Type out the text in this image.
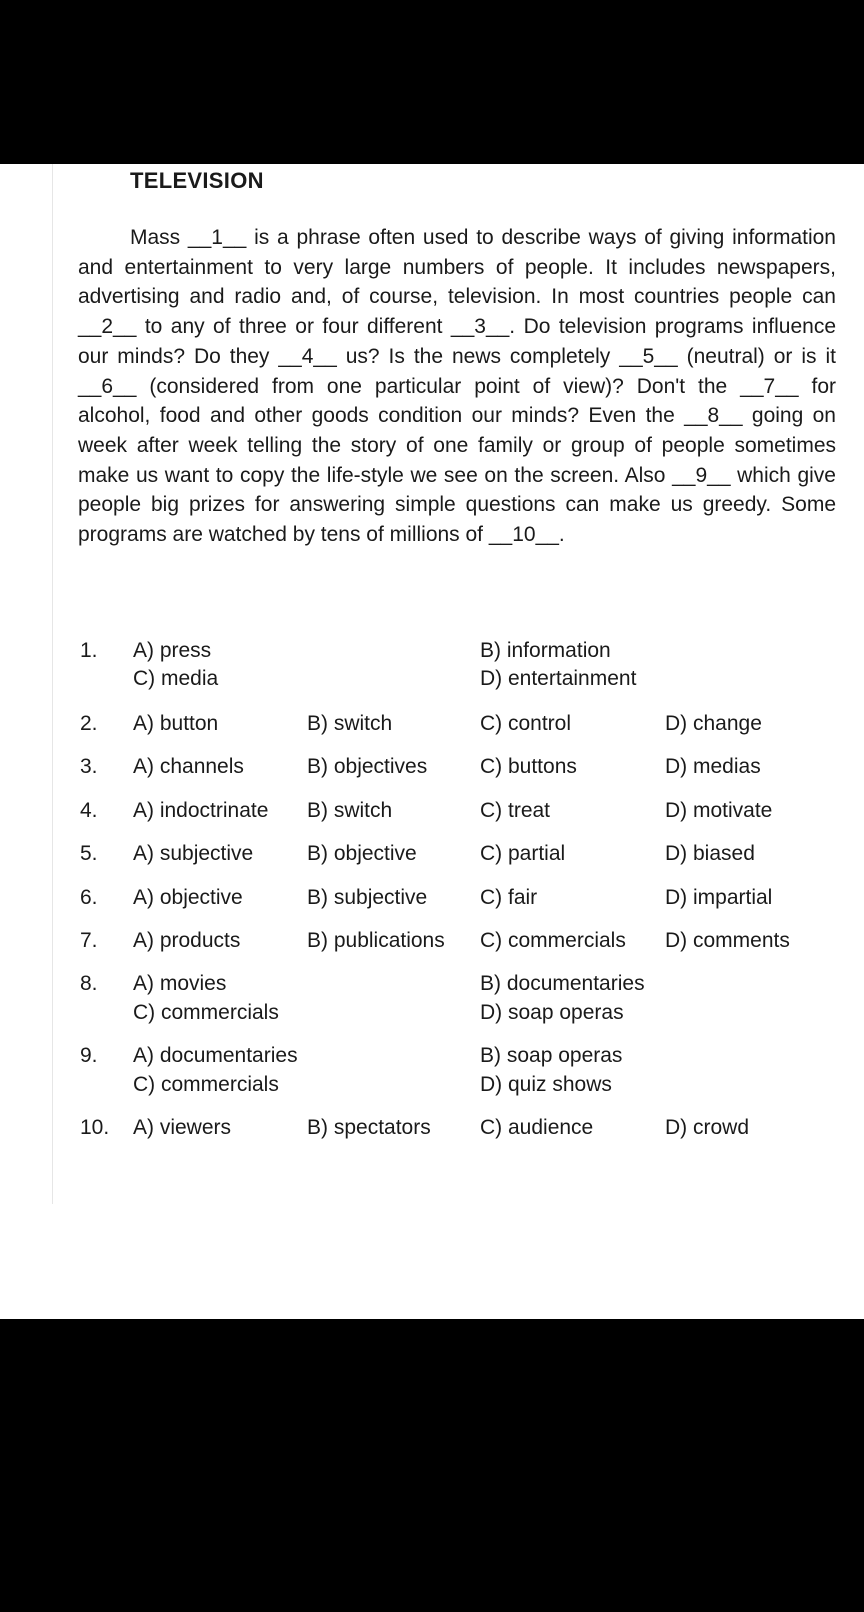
TELEVISION

Mass __1__ is a phrase often used to describe ways of giving information and entertainment to very large numbers of people. It includes newspapers, advertising and radio and, of course, television. In most countries people can __2__ to any of three or four different __3__. Do television programs influence our minds? Do they __4__ us? Is the news completely __5__ (neutral) or is it __6__ (considered from one particular point of view)? Don't the __7__ for alcohol, food and other goods condition our minds? Even the __8__ going on week after week telling the story of one family or group of people sometimes make us want to copy the life-style we see on the screen. Also __9__ which give people big prizes for answering simple questions can make us greedy. Some programs are watched by tens of millions of __10__.

1. A) press	B) information
C) media	D) entertainment
2. A) button	B) switch	C) control	D) change
3. A) channels	B) objectives	C) buttons	D) medias
4. A) indoctrinate B) switch	C) treat	D) motivate
5. A) subjective	B) objective	C) partial	D) biased
6. A) objective	B) subjective	C) fair	D) impartial
7. A) products	B) publications C) commercials D) comments
8. A) movies	B) documentaries
C) commercials	D) soap operas
9. A) documentaries	B) soap operas
C) commercials	D) quiz shows
10. A) viewers	B) spectators C) audience	D) crowd
